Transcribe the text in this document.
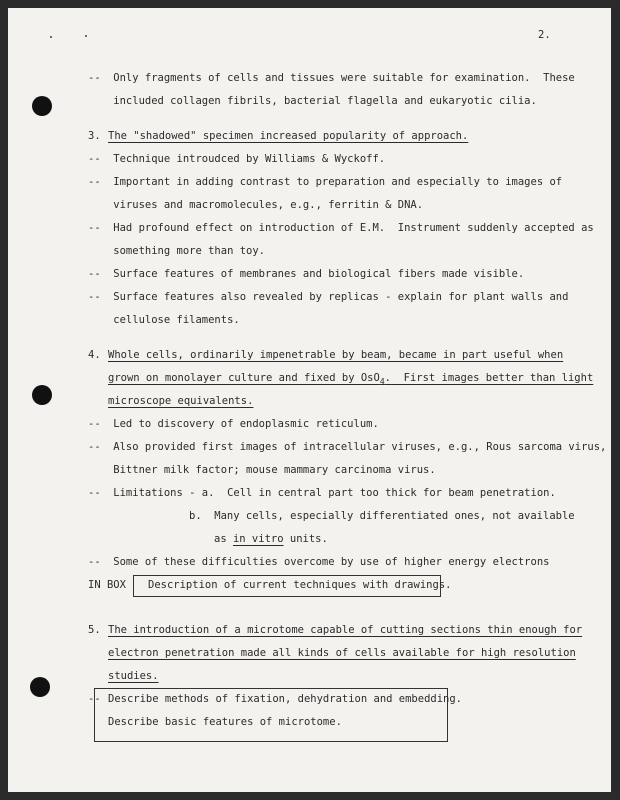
2.
--  Only fragments of cells and tissues were suitable for examination.  These
included collagen fibrils, bacterial flagella and eukaryotic cilia.
3. The "shadowed" specimen increased popularity of approach.
--  Technique introudced by Williams & Wyckoff.
--  Important in adding contrast to preparation and especially to images of
viruses and macromolecules, e.g., ferritin & DNA.
--  Had profound effect on introduction of E.M.  Instrument suddenly accepted as
something more than toy.
--  Surface features of membranes and biological fibers made visible.
--  Surface features also revealed by replicas - explain for plant walls and
cellulose filaments.
4. Whole cells, ordinarily impenetrable by beam, became in part useful when
grown on monolayer culture and fixed by OsO$_4$.  First images better than light
microscope equivalents.
--  Led to discovery of endoplasmic reticulum.
--  Also provided first images of intracellular viruses, e.g., Rous sarcoma virus,
Bittner milk factor; mouse mammary carcinoma virus.
--  Limitations - a.  Cell in central part too thick for beam penetration.
b.  Many cells, especially differentiated ones, not available
as in vitro units.
--  Some of these difficulties overcome by use of higher energy electrons
IN BOX Description of current techniques with drawings.
5. The introduction of a microtome capable of cutting sections thin enough for
electron penetration made all kinds of cells available for high resolution
studies.
-- Describe methods of fixation, dehydration and embedding.
Describe basic features of microtome.
